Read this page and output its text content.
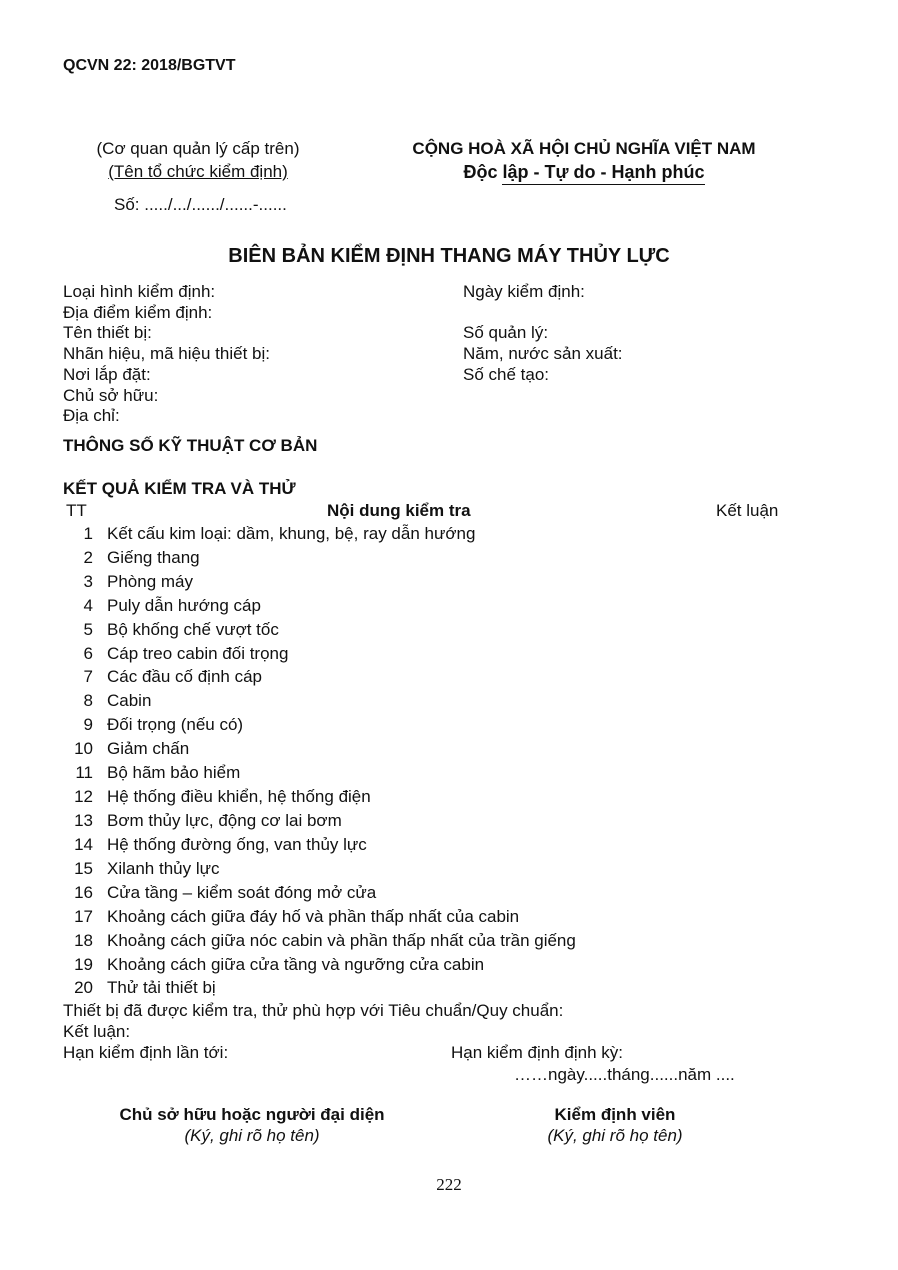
QCVN 22: 2018/BGTVT
(Cơ quan quản lý cấp trên)
(Tên tổ chức kiểm định)
Số: ...../.../....../......-......
CỘNG HOÀ XÃ HỘI CHỦ NGHĨA VIỆT NAM
Độc lập - Tự do - Hạnh phúc
BIÊN BẢN KIỂM ĐỊNH THANG MÁY THỦY LỰC
Loại hình kiểm định:
Địa điểm kiểm định:
Tên thiết bị:
Nhãn hiệu, mã hiệu thiết bị:
Nơi lắp đặt:
Chủ sở hữu:
Địa chỉ:
Ngày kiểm định:
Số quản lý:
Năm, nước sản xuất:
Số chế tạo:
THÔNG SỐ KỸ THUẬT CƠ BẢN
KẾT QUẢ KIỂM TRA VÀ THỬ
TT	Nội dung kiểm tra	Kết luận
1 Kết cấu kim loại: dầm, khung, bệ, ray dẫn hướng
2 Giếng thang
3 Phòng máy
4 Puly dẫn hướng cáp
5 Bộ khống chế vượt tốc
6 Cáp treo cabin đối trọng
7 Các đầu cố định cáp
8 Cabin
9 Đối trọng (nếu có)
10 Giảm chấn
11 Bộ hãm bảo hiểm
12 Hệ thống điều khiển, hệ thống điện
13 Bơm thủy lực, động cơ lai bơm
14 Hệ thống đường ống, van thủy lực
15 Xilanh thủy lực
16 Cửa tầng – kiểm soát đóng mở cửa
17 Khoảng cách giữa đáy hố và phần thấp nhất của cabin
18 Khoảng cách giữa nóc cabin và phần thấp nhất của trần giếng
19 Khoảng cách giữa cửa tầng và ngưỡng cửa cabin
20 Thử tải thiết bị
Thiết bị đã được kiểm tra, thử phù hợp với Tiêu chuẩn/Quy chuẩn:
Kết luận:
Hạn kiểm định lần tới:	Hạn kiểm định định kỳ:
……ngày.....tháng......năm ....
Chủ sở hữu hoặc người đại diện
(Ký, ghi rõ họ tên)
Kiểm định viên
(Ký, ghi rõ họ tên)
222
